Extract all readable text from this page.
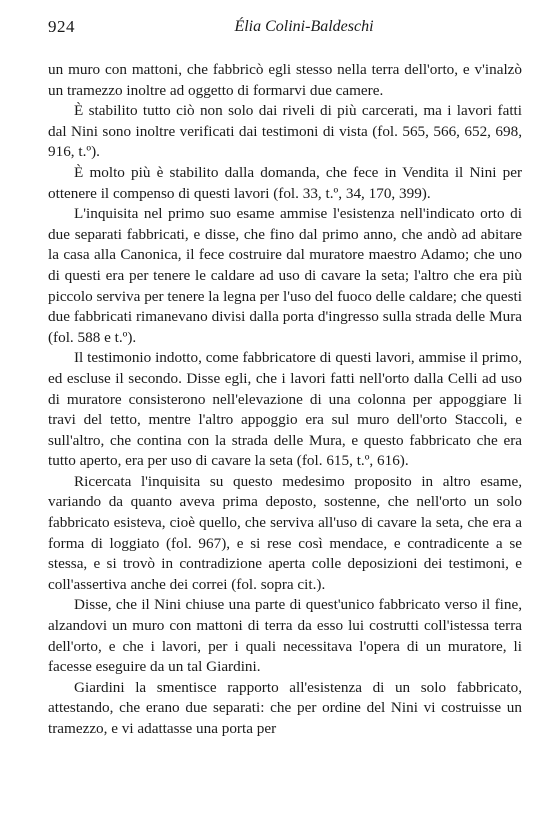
924	Élia Colini-Baldeschi

un muro con mattoni, che fabbricò egli stesso nella terra dell'orto, e v'inalzò un tramezzo inoltre ad oggetto di formarvi due camere.

È stabilito tutto ciò non solo dai riveli di più carcerati, ma i lavori fatti dal Nini sono inoltre verificati dai testimoni di vista (fol. 565, 566, 652, 698, 916, t.º).

È molto più è stabilito dalla domanda, che fece in Vendita il Nini per ottenere il compenso di questi lavori (fol. 33, t.º, 34, 170, 399).

L'inquisita nel primo suo esame ammise l'esistenza nell'indicato orto di due separati fabbricati, e disse, che fino dal primo anno, che andò ad abitare la casa alla Canonica, il fece costruire dal muratore maestro Adamo; che uno di questi era per tenere le caldare ad uso di cavare la seta; l'altro che era più piccolo serviva per tenere la legna per l'uso del fuoco delle caldare; che questi due fabbricati rimanevano divisi dalla porta d'ingresso sulla strada delle Mura (fol. 588 e t.º).

Il testimonio indotto, come fabbricatore di questi lavori, ammise il primo, ed escluse il secondo. Disse egli, che i lavori fatti nell'orto dalla Celli ad uso di muratore consisterono nell'elevazione di una colonna per appoggiare li travi del tetto, mentre l'altro appoggio era sul muro dell'orto Staccoli, e sull'altro, che contina con la strada delle Mura, e questo fabbricato che era tutto aperto, era per uso di cavare la seta (fol. 615, t.º, 616).

Ricercata l'inquisita su questo medesimo proposito in altro esame, variando da quanto aveva prima deposto, sostenne, che nell'orto un solo fabbricato esisteva, cioè quello, che serviva all'uso di cavare la seta, che era a forma di loggiato (fol. 967), e si rese così mendace, e contradicente a se stessa, e si trovò in contradizione aperta colle deposizioni dei testimoni, e coll'assertiva anche dei correi (fol. sopra cit.).

Disse, che il Nini chiuse una parte di quest'unico fabbricato verso il fine, alzandovi un muro con mattoni di terra da esso lui costrutti coll'istessa terra dell'orto, e che i lavori, per i quali necessitava l'opera di un muratore, li facesse eseguire da un tal Giardini.

Giardini la smentisce rapporto all'esistenza di un solo fabbricato, attestando, che erano due separati: che per ordine del Nini vi costruisse un tramezzo, e vi adattasse una porta per
